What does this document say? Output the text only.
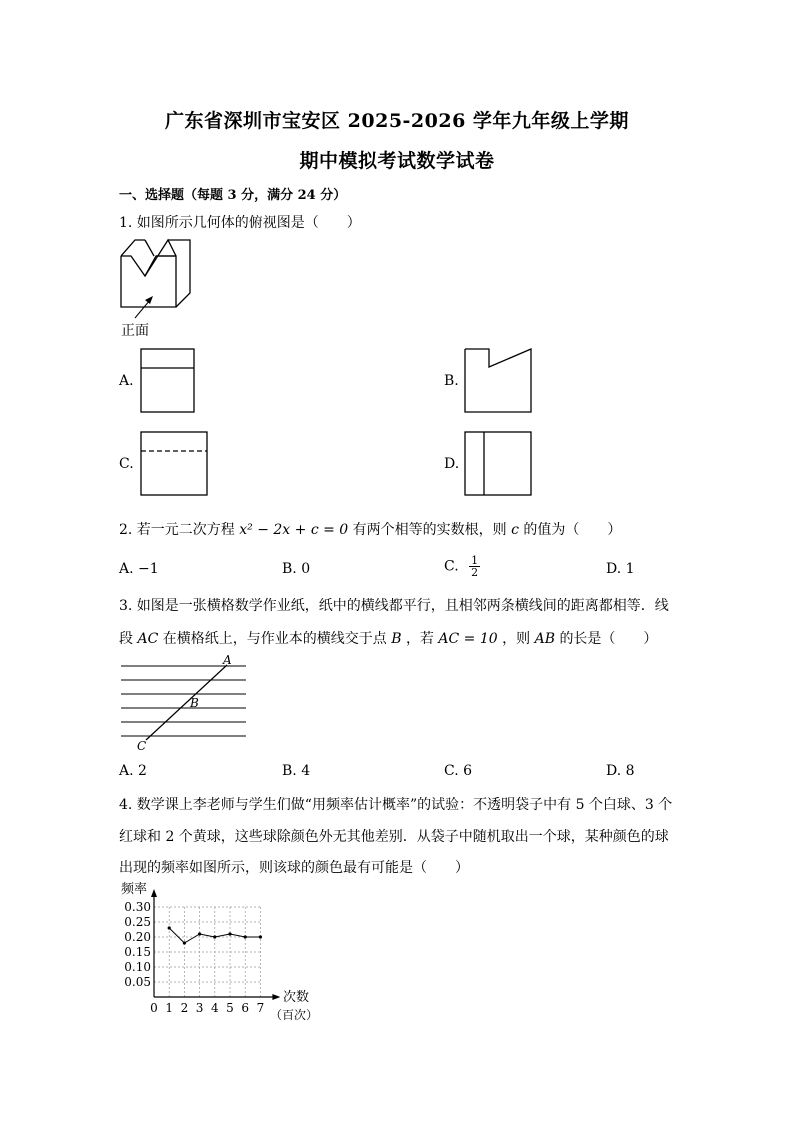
广东省深圳市宝安区 2025-2026 学年九年级上学期
期中模拟考试数学试卷
一、选择题（每题 3 分，满分 24 分）
1. 如图所示几何体的俯视图是（　　）
正面
A.	B.
C.	D.
2. 若一元二次方程 x² − 2x + c = 0 有两个相等的实数根，则 c 的值为（　　）
A. −1	B. 0	C. $\frac{1}{2}$	D. 1
3. 如图是一张横格数学作业纸，纸中的横线都平行，且相邻两条横线间的距离都相等．线
段 AC 在横格纸上，与作业本的横线交于点 B ，若 AC = 10 ，则 AB 的长是（　　）
A
B
C
A. 2	B. 4	C. 6	D. 8
4. 数学课上李老师与学生们做“用频率估计概率”的试验：不透明袋子中有 5 个白球、3 个
红球和 2 个黄球，这些球除颜色外无其他差别．从袋子中随机取出一个球，某种颜色的球
出现的频率如图所示，则该球的颜色最有可能是（　　）
0 1 2 3 4 5 6 7
0.05
0.10
0.15
0.20
0.25
0.30
频率
次数
（百次）
